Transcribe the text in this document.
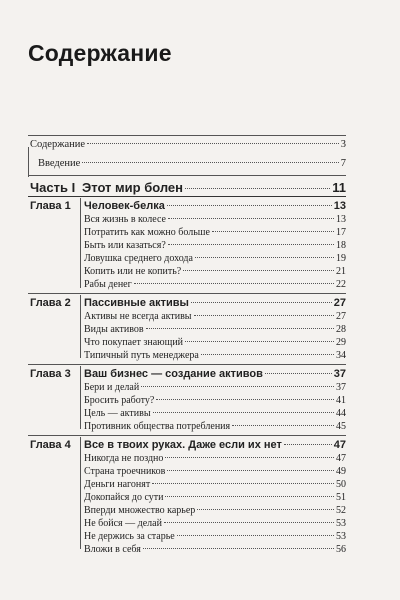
Содержание
Содержание	3
Введение	7
Часть I Этот мир болен	11
Глава 1 Человек-белка	13
Вся жизнь в колесе	13
Потратить как можно больше	17
Быть или казаться?	18
Ловушка среднего дохода	19
Копить или не копить?	21
Рабы денег	22
Глава 2 Пассивные активы	27
Активы не всегда активы	27
Виды активов	28
Что покупает знающий	29
Типичный путь менеджера	34
Глава 3 Ваш бизнес — создание активов	37
Бери и делай	37
Бросить работу?	41
Цель — активы	44
Противник общества потребления	45
Глава 4 Все в твоих руках. Даже если их нет	47
Никогда не поздно	47
Страна троечников	49
Деньги нагонят	50
Докопайся до сути	51
Вперди множество карьер	52
Не бойся — делай	53
Не держись за старье	53
Вложи в себя	56
